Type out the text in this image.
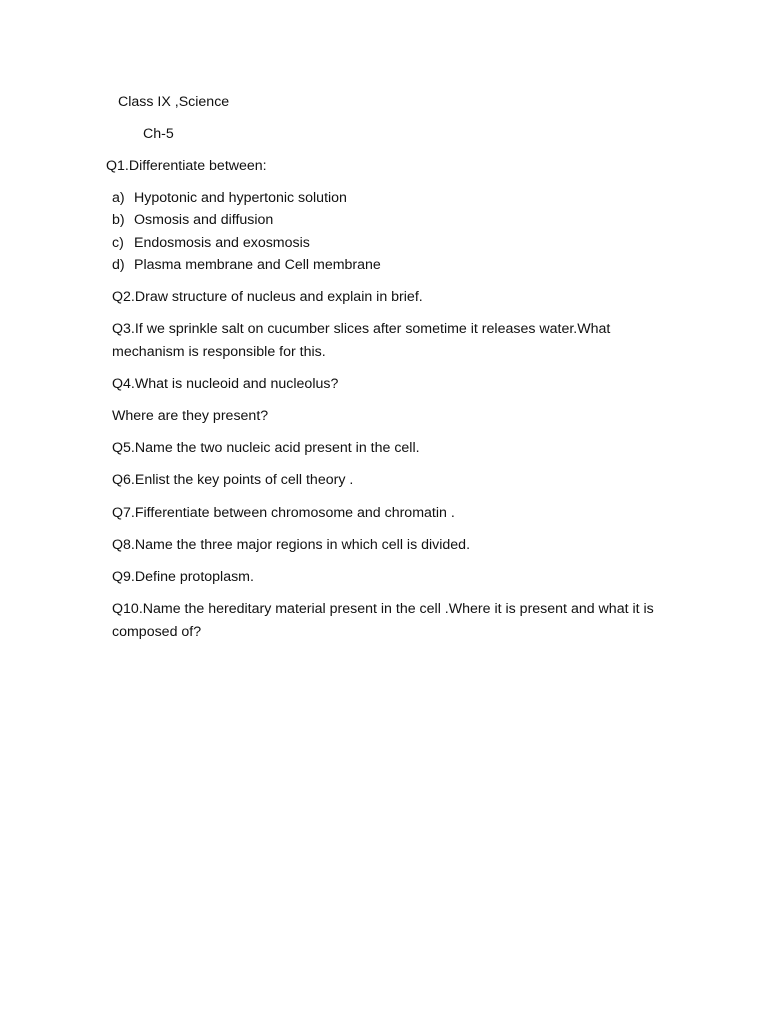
Class IX ,Science
Ch-5
Q1.Differentiate between:
a) Hypotonic and hypertonic solution
b) Osmosis and diffusion
c) Endosmosis and exosmosis
d) Plasma membrane and Cell membrane
Q2.Draw structure of nucleus and explain in brief.
Q3.If we sprinkle salt on cucumber slices after sometime it releases water.What
mechanism is responsible for this.
Q4.What is nucleoid and nucleolus?
Where are they present?
Q5.Name the two nucleic acid present in the cell.
Q6.Enlist the key points of cell theory .
Q7.Fifferentiate between chromosome and chromatin .
Q8.Name the three major regions in which cell is divided.
Q9.Define protoplasm.
Q10.Name the hereditary material present in the cell .Where it is present and what it is
composed of?
